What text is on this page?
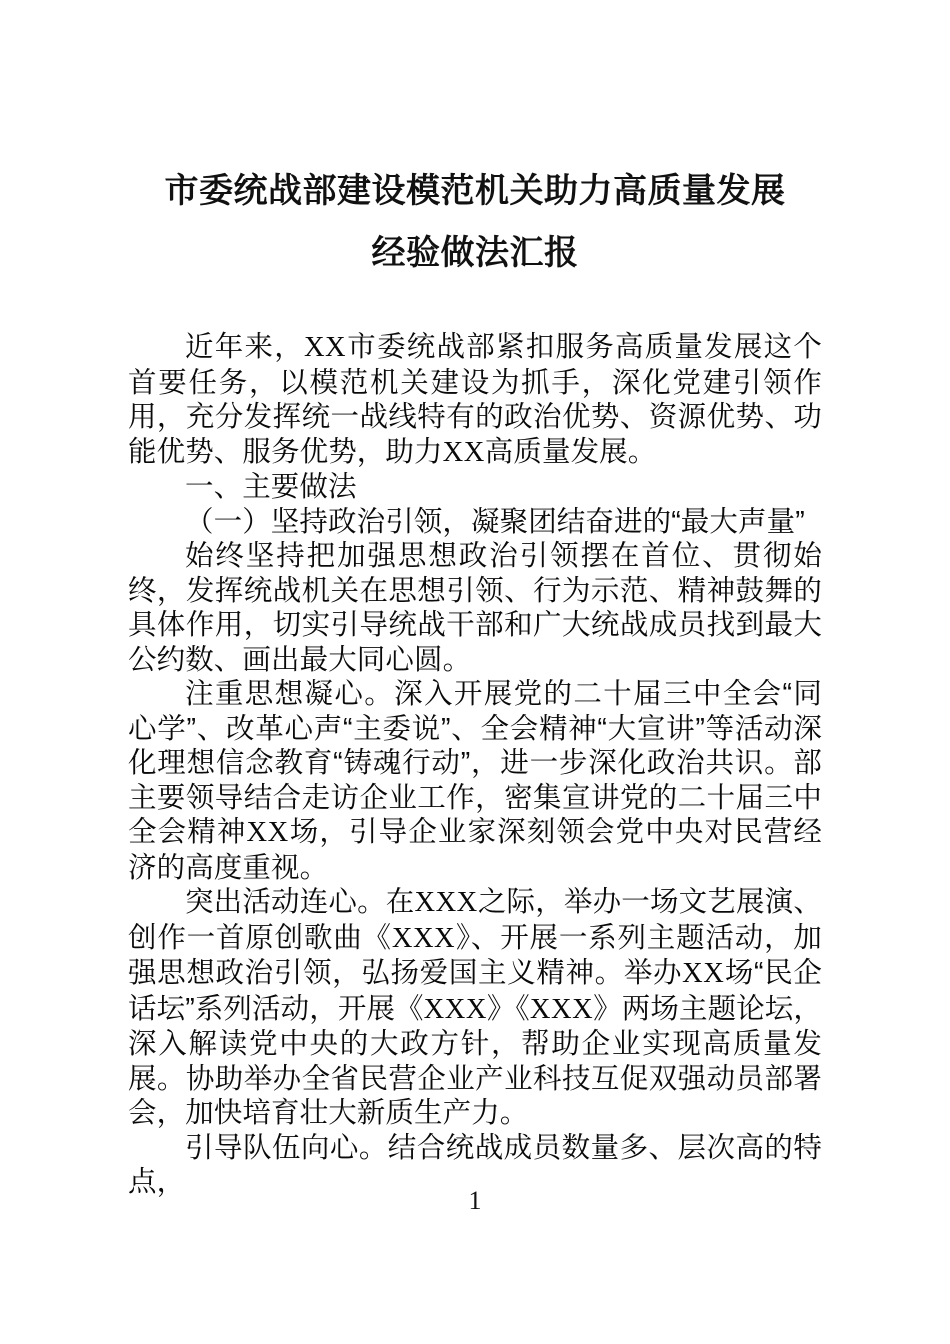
市委统战部建设模范机关助力高质量发展
经验做法汇报

近年来，XX市委统战部紧扣服务高质量发展这个首要任务，以模范机关建设为抓手，深化党建引领作用，充分发挥统一战线特有的政治优势、资源优势、功能优势、服务优势，助力XX高质量发展。

一、主要做法

（一）坚持政治引领，凝聚团结奋进的“最大声量”

始终坚持把加强思想政治引领摆在首位、贯彻始终，发挥统战机关在思想引领、行为示范、精神鼓舞的具体作用，切实引导统战干部和广大统战成员找到最大公约数、画出最大同心圆。

注重思想凝心。深入开展党的二十届三中全会“同心学”、改革心声“主委说”、全会精神“大宣讲”等活动深化理想信念教育“铸魂行动”，进一步深化政治共识。部主要领导结合走访企业工作，密集宣讲党的二十届三中全会精神XX场，引导企业家深刻领会党中央对民营经济的高度重视。

突出活动连心。在XXX之际，举办一场文艺展演、创作一首原创歌曲《XXX》、开展一系列主题活动，加强思想政治引领，弘扬爱国主义精神。举办XX场“民企话坛”系列活动，开展《XXX》《XXX》两场主题论坛，深入解读党中央的大政方针，帮助企业实现高质量发展。协助举办全省民营企业产业科技互促双强动员部署会，加快培育壮大新质生产力。

引导队伍向心。结合统战成员数量多、层次高的特点，

1
